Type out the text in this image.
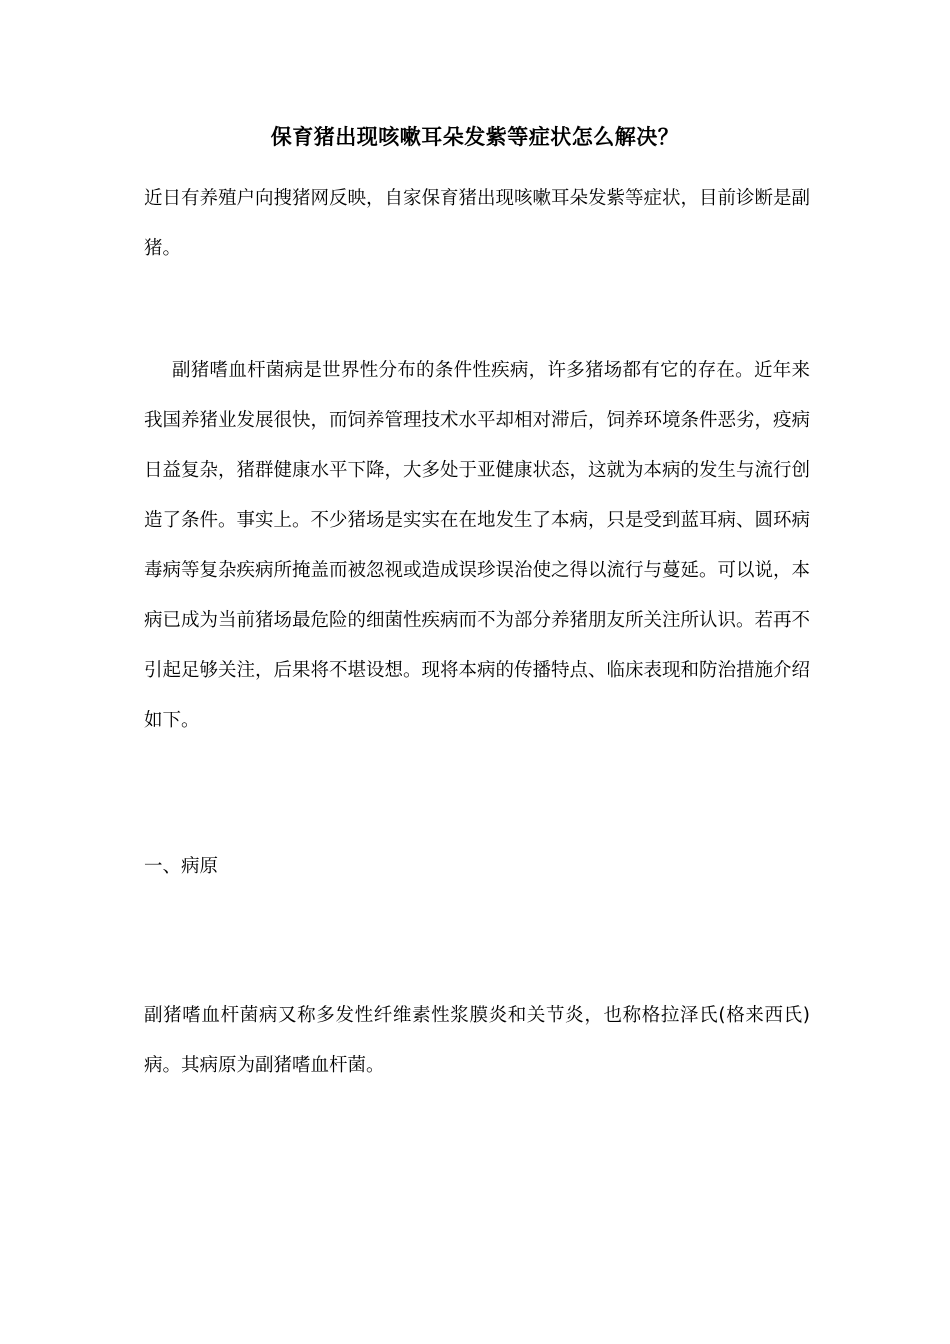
保育猪出现咳嗽耳朵发紫等症状怎么解决？
近日有养殖户向搜猪网反映，自家保育猪出现咳嗽耳朵发紫等症状，目前诊断是副猪。
副猪嗜血杆菌病是世界性分布的条件性疾病，许多猪场都有它的存在。近年来我国养猪业发展很快，而饲养管理技术水平却相对滞后，饲养环境条件恶劣，疫病日益复杂，猪群健康水平下降，大多处于亚健康状态，这就为本病的发生与流行创造了条件。事实上。不少猪场是实实在在地发生了本病，只是受到蓝耳病、圆环病毒病等复杂疾病所掩盖而被忽视或造成误珍误治使之得以流行与蔓延。可以说，本病已成为当前猪场最危险的细菌性疾病而不为部分养猪朋友所关注所认识。若再不引起足够关注，后果将不堪设想。现将本病的传播特点、临床表现和防治措施介绍如下。
一、病原
副猪嗜血杆菌病又称多发性纤维素性浆膜炎和关节炎，也称格拉泽氏(格来西氏)病。其病原为副猪嗜血杆菌。
